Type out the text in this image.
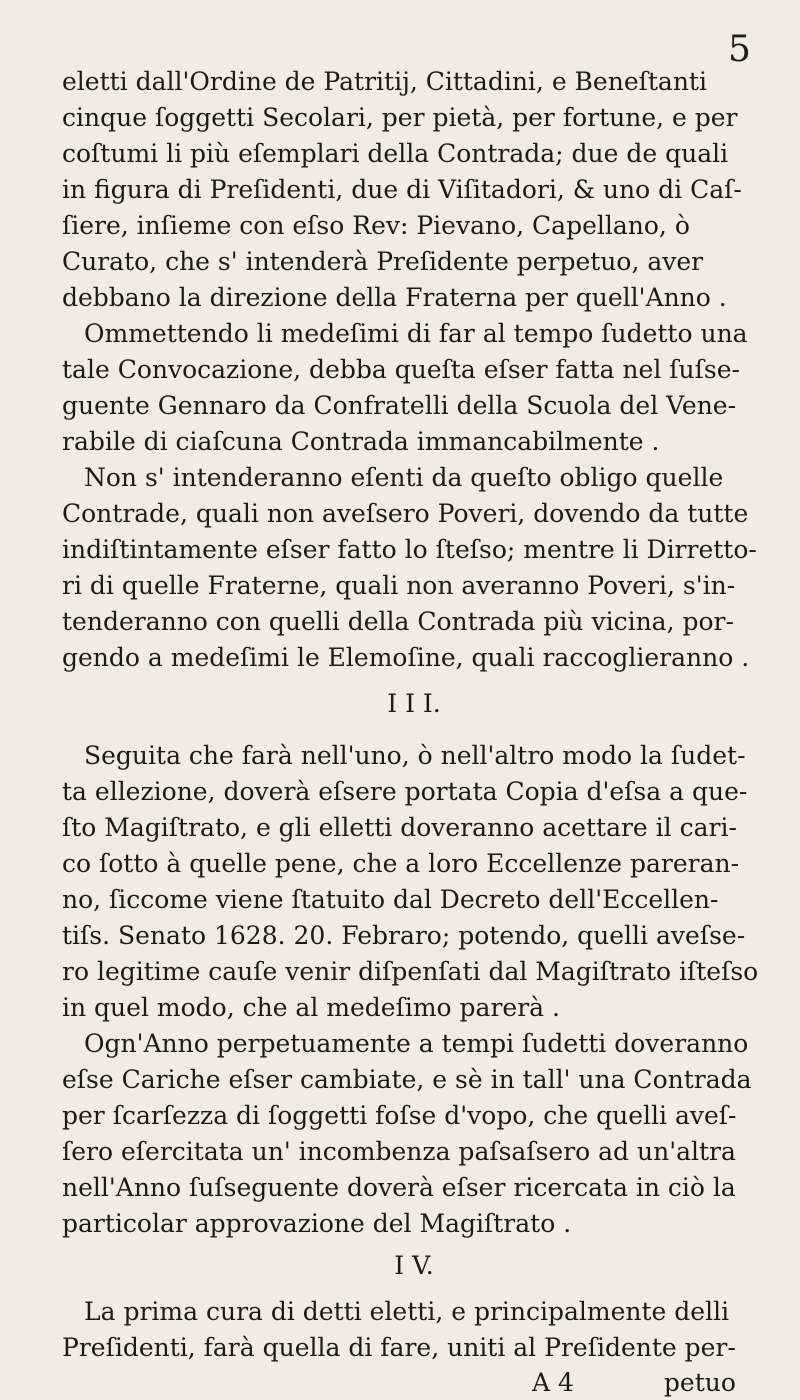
5
eletti dall'Ordine de Patritij, Cittadini, e Beneſtanti
cinque ſoggetti Secolari, per pietà, per fortune, e per
coſtumi li più eſemplari della Contrada; due de quali
in figura di Preſidenti, due di Viſitadori, & uno di Caſ-
ſiere, inſieme con eſso Rev: Pievano, Capellano, ò
Curato, che s' intenderà Preſidente perpetuo, aver
debbano la direzione della Fraterna per quell'Anno .
Ommettendo li medeſimi di far al tempo ſudetto una
tale Convocazione, debba queſta eſser fatta nel ſuſse-
guente Gennaro da Confratelli della Scuola del Vene-
rabile di ciaſcuna Contrada immancabilmente .
Non s' intenderanno eſenti da queſto obligo quelle
Contrade, quali non aveſsero Poveri, dovendo da tutte
indiſtintamente eſser fatto lo ſteſso; mentre li Dirretto-
ri di quelle Fraterne, quali non averanno Poveri, s'in-
tenderanno con quelli della Contrada più vicina, por-
gendo a medeſimi le Elemoſine, quali raccoglieranno .
I I I.
Seguita che farà nell'uno, ò nell'altro modo la ſudet-
ta ellezione, doverà eſsere portata Copia d'eſsa a que-
ſto Magiſtrato, e gli elletti doveranno acettare il cari-
co ſotto à quelle pene, che a loro Eccellenze pareran-
no, ſiccome viene ſtatuito dal Decreto dell'Eccellen-
tiſs. Senato 1628. 20. Febraro; potendo, quelli aveſse-
ro legitime cauſe venir diſpenſati dal Magiſtrato iſteſso
in quel modo, che al medeſimo parerà .
Ogn'Anno perpetuamente a tempi ſudetti doveranno
eſse Cariche eſser cambiate, e sè in tall' una Contrada
per ſcarſezza di ſoggetti foſse d'vopo, che quelli aveſ-
ſero eſercitata un' incombenza paſsaſsero ad un'altra
nell'Anno ſuſseguente doverà eſser ricercata in ciò la
particolar approvazione del Magiſtrato .
I V.
La prima cura di detti eletti, e principalmente delli
Preſidenti, farà quella di fare, uniti al Preſidente per-
A 4	petuo
